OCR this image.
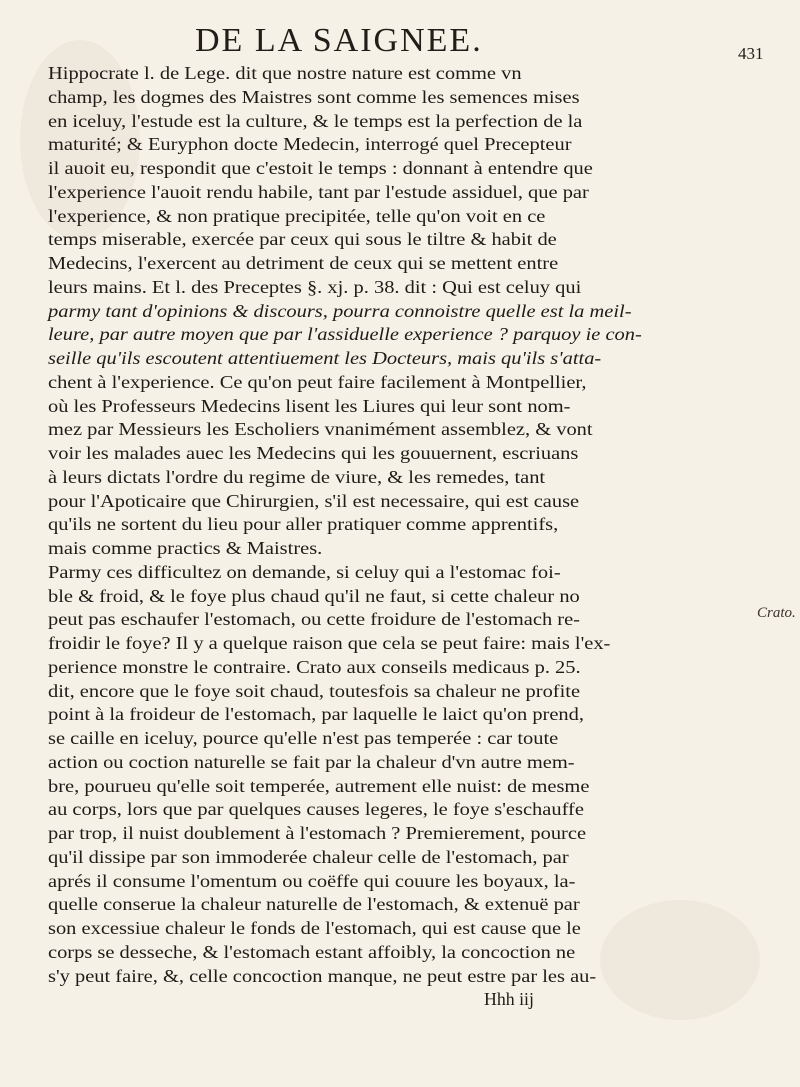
DE LA SAIGNEE.	431
Hippocrate l. de Lege. dit que nostre nature est comme vn
champ, les dogmes des Maistres sont comme les semences mises
en iceluy, l'estude est la culture, & le temps est la perfection de la
maturité; & Euryphon docte Medecin, interrogé quel Precepteur
il auoit eu, respondit que c'estoit le temps : donnant à entendre que
l'experience l'auoit rendu habile, tant par l'estude assiduel, que par
l'experience, & non pratique precipitée, telle qu'on voit en ce
temps miserable, exercée par ceux qui sous le tiltre & habit de
Medecins, l'exercent au detriment de ceux qui se mettent entre
leurs mains. Et l. des Preceptes §. xj. p. 38. dit : Qui est celuy qui
parmy tant d'opinions & discours, pourra connoistre quelle est la meil-
leure, par autre moyen que par l'assiduelle experience ? parquoy ie con-
seille qu'ils escoutent attentiuement les Docteurs, mais qu'ils s'atta-
chent à l'experience. Ce qu'on peut faire facilement à Montpellier,
où les Professeurs Medecins lisent les Liures qui leur sont nom-
mez par Messieurs les Escholiers vnanimément assemblez, & vont
voir les malades auec les Medecins qui les gouuernent, escriuans
à leurs dictats l'ordre du regime de viure, & les remedes, tant
pour l'Apoticaire que Chirurgien, s'il est necessaire, qui est cause
qu'ils ne sortent du lieu pour aller pratiquer comme apprentifs,
mais comme practics & Maistres.
Parmy ces difficultez on demande, si celuy qui a l'estomac foi-
ble & froid, & le foye plus chaud qu'il ne faut, si cette chaleur no
peut pas eschaufer l'estomach, ou cette froidure de l'estomach re-
froidir le foye? Il y a quelque raison que cela se peut faire: mais l'ex-
perience monstre le contraire. Crato aux conseils medicaus p. 25.
dit, encore que le foye soit chaud, toutesfois sa chaleur ne profite
point à la froideur de l'estomach, par laquelle le laict qu'on prend,
se caille en iceluy, pource qu'elle n'est pas temperée : car toute
action ou coction naturelle se fait par la chaleur d'vn autre mem-
bre, pourueu qu'elle soit temperée, autrement elle nuist: de mesme
au corps, lors que par quelques causes legeres, le foye s'eschauffe
par trop, il nuist doublement à l'estomach ? Premierement, pource
qu'il dissipe par son immoderée chaleur celle de l'estomach, par
aprés il consume l'omentum ou coëffe qui couure les boyaux, la-
quelle conserue la chaleur naturelle de l'estomach, & extenuë par
son excessiue chaleur le fonds de l'estomach, qui est cause que le
corps se desseche, & l'estomach estant affoibly, la concoction ne
s'y peut faire, &, celle concoction manque, ne peut estre par les au-
Hhh iij
Crato.
